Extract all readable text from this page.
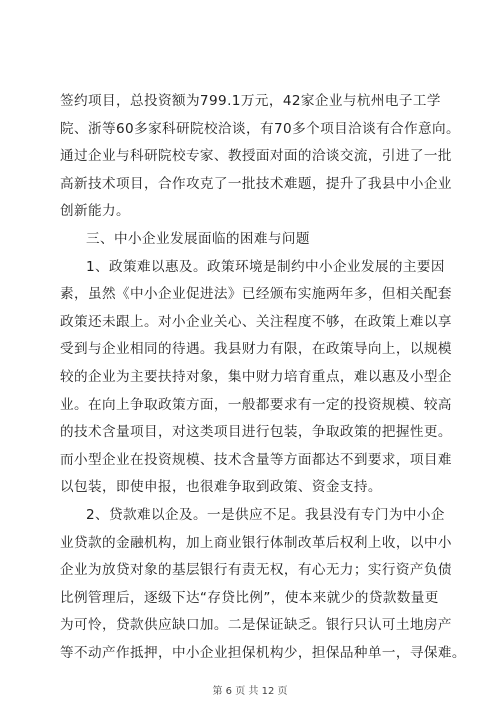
签约项目，总投资额为799.1万元，42家企业与杭州电子工学
院、浙等60多家科研院校洽谈，有70多个项目洽谈有合作意向。
通过企业与科研院校专家、教授面对面的洽谈交流，引进了一批
高新技术项目，合作攻克了一批技术难题，提升了我县中小企业
创新能力。
三、中小企业发展面临的困难与问题
1、政策难以惠及。政策环境是制约中小企业发展的主要因
素，虽然《中小企业促进法》已经颁布实施两年多，但相关配套
政策还未跟上。对小企业关心、关注程度不够，在政策上难以享
受到与企业相同的待遇。我县财力有限，在政策导向上，以规模
较的企业为主要扶持对象，集中财力培育重点，难以惠及小型企
业。在向上争取政策方面，一般都要求有一定的投资规模、较高
的技术含量项目，对这类项目进行包装，争取政策的把握性更。
而小型企业在投资规模、技术含量等方面都达不到要求，项目难
以包装，即使申报，也很难争取到政策、资金支持。
2、贷款难以企及。一是供应不足。我县没有专门为中小企
业贷款的金融机构，加上商业银行体制改革后权利上收，以中小
企业为放贷对象的基层银行有责无权，有心无力；实行资产负债
比例管理后，逐级下达“存贷比例”，使本来就少的贷款数量更
为可怜，贷款供应缺口加。二是保证缺乏。银行只认可土地房产
等不动产作抵押，中小企业担保机构少，担保品种单一，寻保难。
第 6 页 共 12 页
